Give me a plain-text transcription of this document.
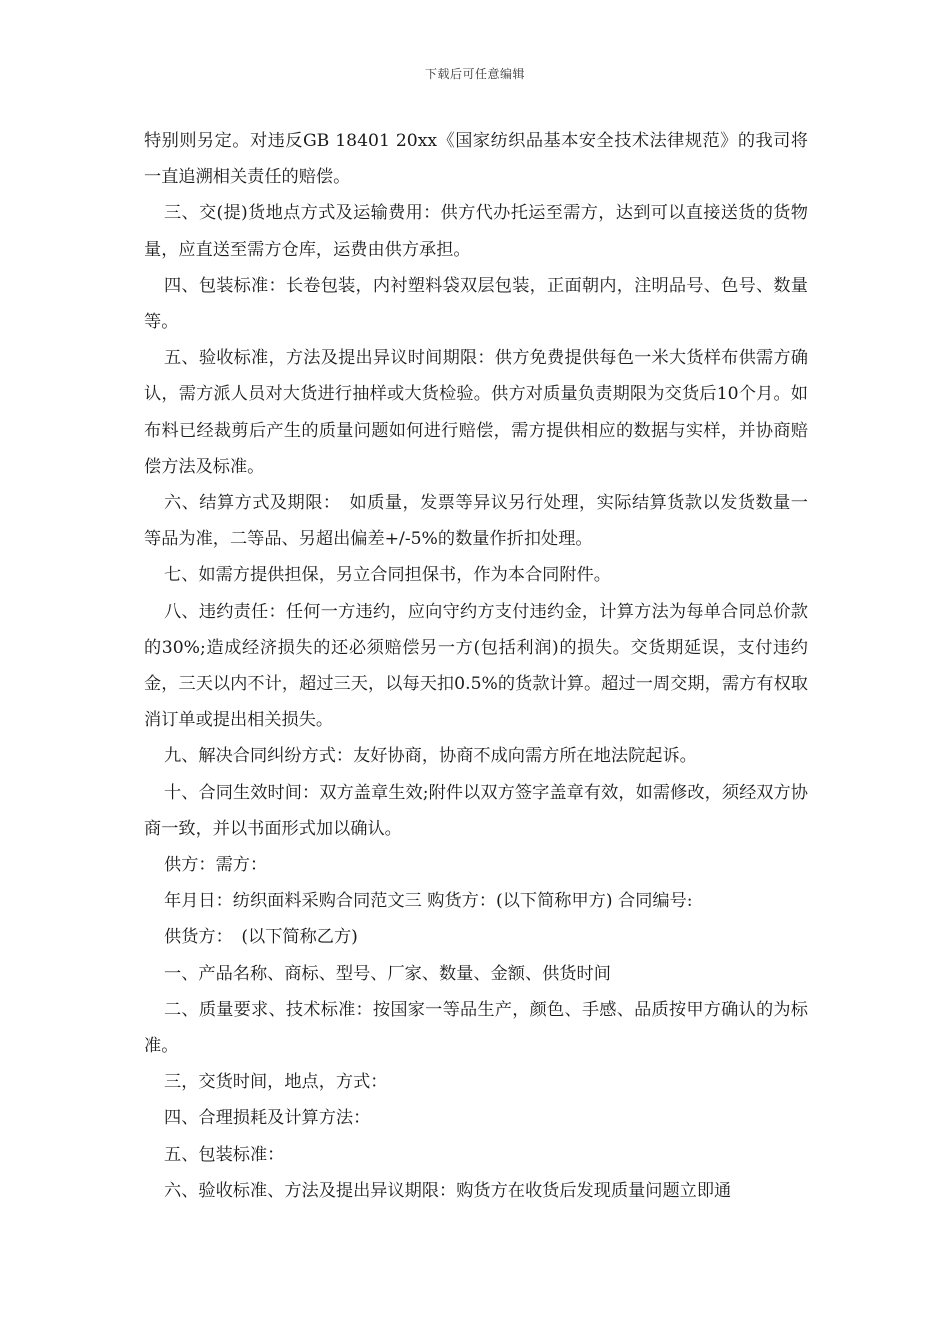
下载后可任意编辑

特别则另定。对违反GB 18401 20xx《国家纺织品基本安全技术法律规范》的我司将一直追溯相关责任的赔偿。

三、交(提)货地点方式及运输费用：供方代办托运至需方，达到可以直接送货的货物量，应直送至需方仓库，运费由供方承担。

四、包装标准：长卷包装，内衬塑料袋双层包装，正面朝内，注明品号、色号、数量等。

五、验收标准，方法及提出异议时间期限：供方免费提供每色一米大货样布供需方确认，需方派人员对大货进行抽样或大货检验。供方对质量负责期限为交货后10个月。如布料已经裁剪后产生的质量问题如何进行赔偿，需方提供相应的数据与实样，并协商赔偿方法及标准。

六、结算方式及期限：　如质量，发票等异议另行处理，实际结算货款以发货数量一等品为准，二等品、另超出偏差+/-5%的数量作折扣处理。

七、如需方提供担保，另立合同担保书，作为本合同附件。

八、违约责任：任何一方违约，应向守约方支付违约金，计算方法为每单合同总价款的30%;造成经济损失的还必须赔偿另一方(包括利润)的损失。交货期延误，支付违约金，三天以内不计，超过三天，以每天扣0.5%的货款计算。超过一周交期，需方有权取消订单或提出相关损失。

九、解决合同纠纷方式：友好协商，协商不成向需方所在地法院起诉。

十、合同生效时间：双方盖章生效;附件以双方签字盖章有效，如需修改，须经双方协商一致，并以书面形式加以确认。

供方：需方：

年月日：纺织面料采购合同范文三 购货方：(以下简称甲方) 合同编号:

供货方：　(以下简称乙方)

一、产品名称、商标、型号、厂家、数量、金额、供货时间

二、质量要求、技术标准：按国家一等品生产，颜色、手感、品质按甲方确认的为标准。

三，交货时间，地点，方式：

四、合理损耗及计算方法：

五、包装标准：

六、验收标准、方法及提出异议期限：购货方在收货后发现质量问题立即通
